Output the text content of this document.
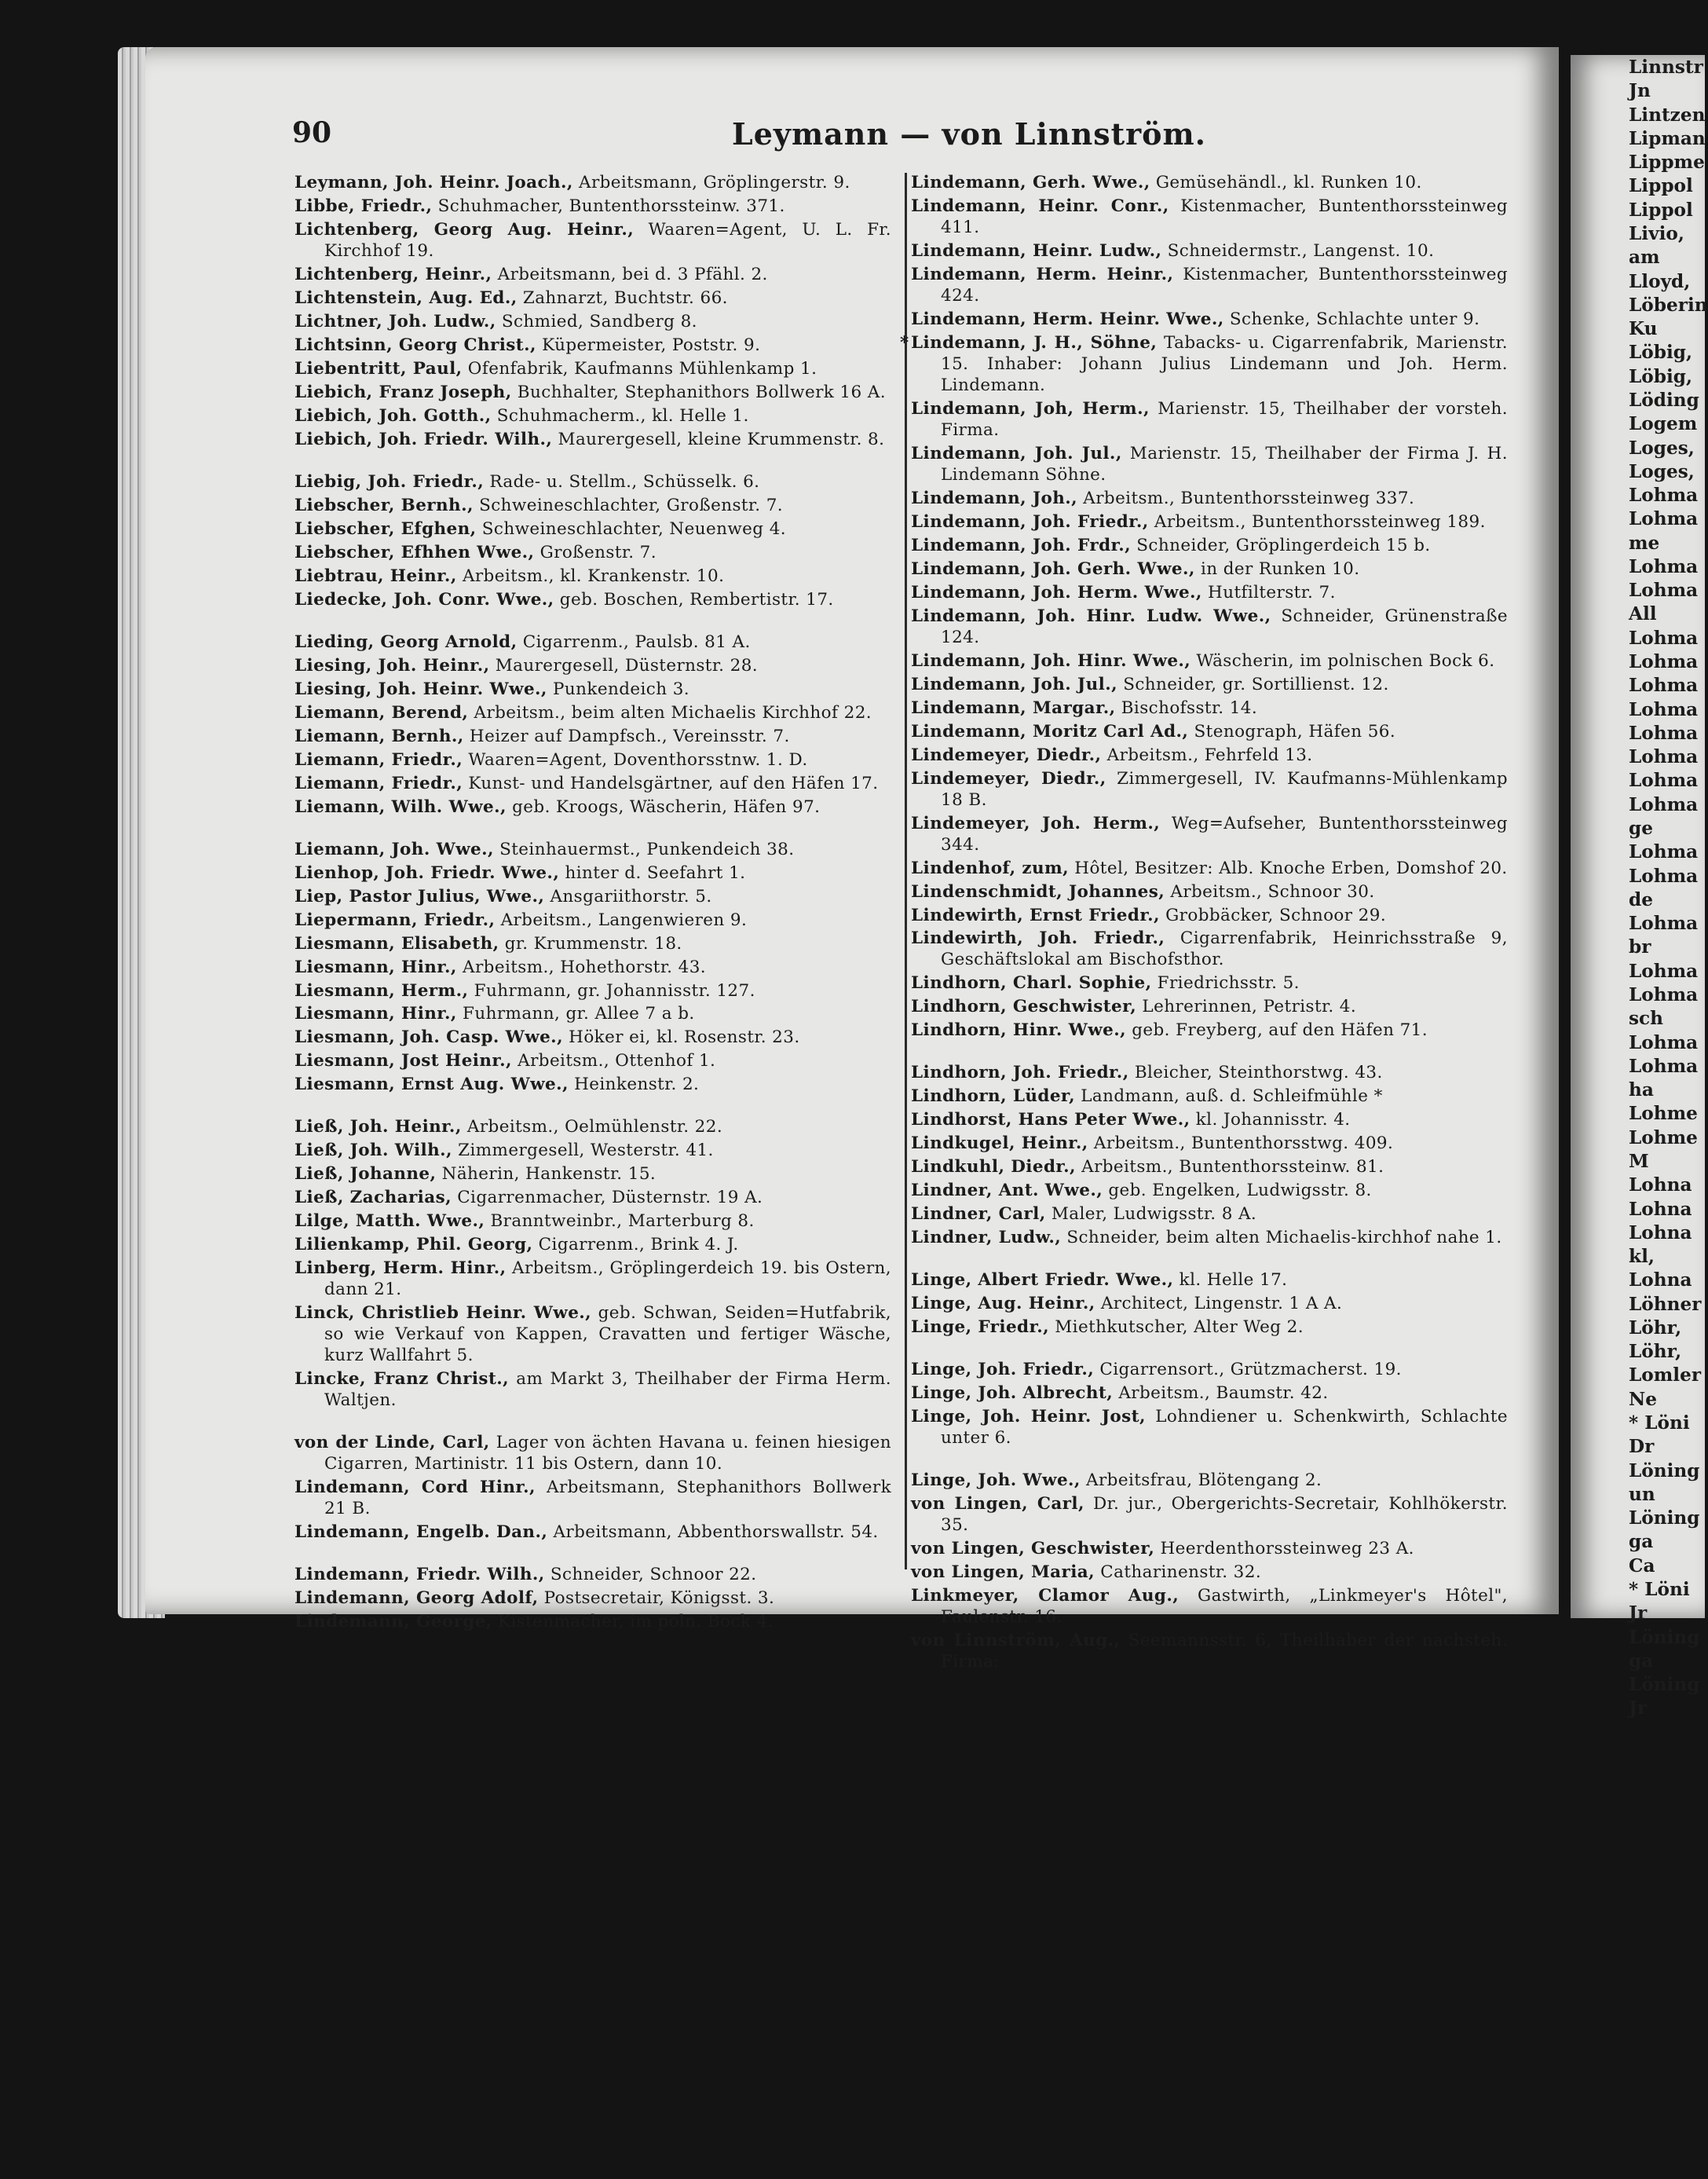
90	Leymann — von Linnström.
Leymann, Joh. Heinr. Joach., Arbeitsmann, Gröplingerstr. 9.
Libbe, Friedr., Schuhmacher, Buntenthorssteinw. 371.
Lichtenberg, Georg Aug. Heinr., Waaren=Agent, U. L. Fr. Kirchhof 19.
Lichtenberg, Heinr., Arbeitsmann, bei d. 3 Pfähl. 2.
Lichtenstein, Aug. Ed., Zahnarzt, Buchtstr. 66.
Lichtner, Joh. Ludw., Schmied, Sandberg 8.
Lichtsinn, Georg Christ., Küpermeister, Poststr. 9.
Liebentritt, Paul, Ofenfabrik, Kaufmanns Mühlenkamp 1.
Liebich, Franz Joseph, Buchhalter, Stephanithors Bollwerk 16 A.
Liebich, Joh. Gotth., Schuhmacherm., kl. Helle 1.
Liebich, Joh. Friedr. Wilh., Maurergesell, kleine Krummenstr. 8.
Liebig, Joh. Friedr., Rade- u. Stellm., Schüsselk. 6.
Liebscher, Bernh., Schweineschlachter, Großenstr. 7.
Liebscher, Efghen, Schweineschlachter, Neuenweg 4.
Liebscher, Efhhen Wwe., Großenstr. 7.
Liebtrau, Heinr., Arbeitsm., kl. Krankenstr. 10.
Liedecke, Joh. Conr. Wwe., geb. Boschen, Rembertistr. 17.
Lieding, Georg Arnold, Cigarrenm., Paulsb. 81 A.
Liesing, Joh. Heinr., Maurergesell, Düsternstr. 28.
Liesing, Joh. Heinr. Wwe., Punkendeich 3.
Liemann, Berend, Arbeitsm., beim alten Michaelis Kirchhof 22.
Liemann, Bernh., Heizer auf Dampfsch., Vereinsstr. 7.
Liemann, Friedr., Waaren=Agent, Doventhorsstnw. 1. D.
Liemann, Friedr., Kunst- und Handelsgärtner, auf den Häfen 17.
Liemann, Wilh. Wwe., geb. Kroogs, Wäscherin, Häfen 97.
Liemann, Joh. Wwe., Steinhauermst., Punkendeich 38.
Lienhop, Joh. Friedr. Wwe., hinter d. Seefahrt 1.
Liep, Pastor Julius, Wwe., Ansgariithorstr. 5.
Liepermann, Friedr., Arbeitsm., Langenwieren 9.
Liesmann, Elisabeth, gr. Krummenstr. 18.
Liesmann, Hinr., Arbeitsm., Hohethorstr. 43.
Liesmann, Herm., Fuhrmann, gr. Johannisstr. 127.
Liesmann, Hinr., Fuhrmann, gr. Allee 7 a b.
Liesmann, Joh. Casp. Wwe., Höker ei, kl. Rosenstr. 23.
Liesmann, Jost Heinr., Arbeitsm., Ottenhof 1.
Liesmann, Ernst Aug. Wwe., Heinkenstr. 2.
Ließ, Joh. Heinr., Arbeitsm., Oelmühlenstr. 22.
Ließ, Joh. Wilh., Zimmergesell, Westerstr. 41.
Ließ, Johanne, Näherin, Hankenstr. 15.
Ließ, Zacharias, Cigarrenmacher, Düsternstr. 19 A.
Lilge, Matth. Wwe., Branntweinbr., Marterburg 8.
Lilienkamp, Phil. Georg, Cigarrenm., Brink 4. J.
Linberg, Herm. Hinr., Arbeitsm., Gröplingerdeich 19. bis Ostern, dann 21.
Linck, Christlieb Heinr. Wwe., geb. Schwan, Seiden=Hutfabrik, so wie Verkauf von Kappen, Cravatten und fertiger Wäsche, kurz Wallfahrt 5.
Lincke, Franz Christ., am Markt 3, Theilhaber der Firma Herm. Waltjen.
von der Linde, Carl, Lager von ächten Havana u. feinen hiesigen Cigarren, Martinistr. 11 bis Ostern, dann 10.
Lindemann, Cord Hinr., Arbeitsmann, Stephanithors Bollwerk 21 B.
Lindemann, Engelb. Dan., Arbeitsmann, Abbenthorswallstr. 54.
Lindemann, Friedr. Wilh., Schneider, Schnoor 22.
Lindemann, Georg Adolf, Postsecretair, Königsst. 3.
Lindemann, George, Kistenmacher, im poln. Bock 4.
Lindemann, Gerh. Wwe., Gemüsehändl., kl. Runken 10.
Lindemann, Heinr. Conr., Kistenmacher, Buntenthorssteinweg 411.
Lindemann, Heinr. Ludw., Schneidermstr., Langenst. 10.
Lindemann, Herm. Heinr., Kistenmacher, Buntenthorssteinweg 424.
Lindemann, Herm. Heinr. Wwe., Schenke, Schlachte unter 9.
* Lindemann, J. H., Söhne, Tabacks- u. Cigarrenfabrik, Marienstr. 15. Inhaber: Johann Julius Lindemann und Joh. Herm. Lindemann.
Lindemann, Joh, Herm., Marienstr. 15, Theilhaber der vorsteh. Firma.
Lindemann, Joh. Jul., Marienstr. 15, Theilhaber der Firma J. H. Lindemann Söhne.
Lindemann, Joh., Arbeitsm., Buntenthorssteinweg 337.
Lindemann, Joh. Friedr., Arbeitsm., Buntenthorssteinweg 189.
Lindemann, Joh. Frdr., Schneider, Gröplingerdeich 15 b.
Lindemann, Joh. Gerh. Wwe., in der Runken 10.
Lindemann, Joh. Herm. Wwe., Hutfilterstr. 7.
Lindemann, Joh. Hinr. Ludw. Wwe., Schneider, Grünenstraße 124.
Lindemann, Joh. Hinr. Wwe., Wäscherin, im polnischen Bock 6.
Lindemann, Joh. Jul., Schneider, gr. Sortillienst. 12.
Lindemann, Margar., Bischofsstr. 14.
Lindemann, Moritz Carl Ad., Stenograph, Häfen 56.
Lindemeyer, Diedr., Arbeitsm., Fehrfeld 13.
Lindemeyer, Diedr., Zimmergesell, IV. Kaufmanns-Mühlenkamp 18 B.
Lindemeyer, Joh. Herm., Weg=Aufseher, Buntenthorssteinweg 344.
Lindenhof, zum, Hôtel, Besitzer: Alb. Knoche Erben, Domshof 20.
Lindenschmidt, Johannes, Arbeitsm., Schnoor 30.
Lindewirth, Ernst Friedr., Grobbäcker, Schnoor 29.
Lindewirth, Joh. Friedr., Cigarrenfabrik, Heinrichsstraße 9, Geschäftslokal am Bischofsthor.
Lindhorn, Charl. Sophie, Friedrichsstr. 5.
Lindhorn, Geschwister, Lehrerinnen, Petristr. 4.
Lindhorn, Hinr. Wwe., geb. Freyberg, auf den Häfen 71.
Lindhorn, Joh. Friedr., Bleicher, Steinthorstwg. 43.
Lindhorn, Lüder, Landmann, auß. d. Schleifmühle *
Lindhorst, Hans Peter Wwe., kl. Johannisstr. 4.
Lindkugel, Heinr., Arbeitsm., Buntenthorsstwg. 409.
Lindkuhl, Diedr., Arbeitsm., Buntenthorssteinw. 81.
Lindner, Ant. Wwe., geb. Engelken, Ludwigsstr. 8.
Lindner, Carl, Maler, Ludwigsstr. 8 A.
Lindner, Ludw., Schneider, beim alten Michaelis-kirchhof nahe 1.
Linge, Albert Friedr. Wwe., kl. Helle 17.
Linge, Aug. Heinr., Architect, Lingenstr. 1 A A.
Linge, Friedr., Miethkutscher, Alter Weg 2.
Linge, Joh. Friedr., Cigarrensort., Grützmacherst. 19.
Linge, Joh. Albrecht, Arbeitsm., Baumstr. 42.
Linge, Joh. Heinr. Jost, Lohndiener u. Schenkwirth, Schlachte unter 6.
Linge, Joh. Wwe., Arbeitsfrau, Blötengang 2.
von Lingen, Carl, Dr. jur., Obergerichts-Secretair, Kohlhökerstr. 35.
von Lingen, Geschwister, Heerdenthorssteinweg 23 A.
von Lingen, Maria, Catharinenstr. 32.
Linkmeyer, Clamor Aug., Gastwirth, „Linkmeyer's Hôtel", Faulenstr. 16.
von Linnström, Aug., Seemannsstr. 6, Theilhaber der nachsteh. Firma:
Linnstr
Jn
Lintzen
Lipman
Lippme
Lippol
Lippol
Livio,
am
Lloyd,
Löberin
Ku
Löbig,
Löbig,
Löding
Logem
Loges,
Loges,
Lohma
Lohma
me
Lohma
Lohma
All
Lohma
Lohma
Lohma
Lohma
Lohma
Lohma
Lohma
Lohma
ge
Lohma
Lohma
de
Lohma
br
Lohma
Lohma
sch
Lohma
Lohma
ha
Lohme
Lohme
M
Lohna
Lohna
Lohna
kl,
Lohna
Löhner
Löhr,
Löhr,
Lomler
Ne
* Löni
Dr
Löning
un
Löning
ga
Ca
* Löni
Jr
Löning
ga
Löning
Jr
